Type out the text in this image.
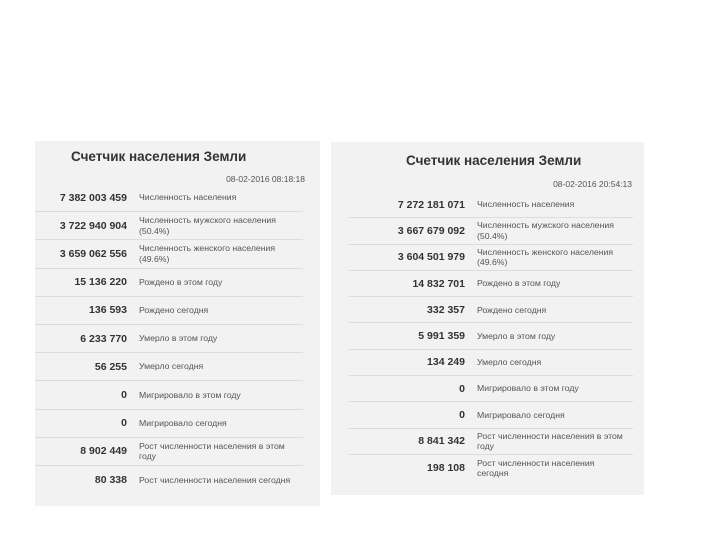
Счетчик населения Земли
08-02-2016 08:18:18
7 382 003 459	Численность населения
3 722 940 904	Численность мужского населения (50.4%)
3 659 062 556	Численность женского населения (49.6%)
15 136 220	Рождено в этом году
136 593	Рождено сегодня
6 233 770	Умерло в этом году
56 255	Умерло сегодня
0	Мигрировало в этом году
0	Мигрировало сегодня
8 902 449	Рост численности населения в этом году
80 338	Рост численности населения сегодня
Счетчик населения Земли
08-02-2016 20:54:13
7 272 181 071	Численность населения
3 667 679 092	Численность мужского населения (50.4%)
3 604 501 979	Численность женского населения (49.6%)
14 832 701	Рождено в этом году
332 357	Рождено сегодня
5 991 359	Умерло в этом году
134 249	Умерло сегодня
0	Мигрировало в этом году
0	Мигрировало сегодня
8 841 342	Рост численности населения в этом году
198 108	Рост численности населения сегодня
